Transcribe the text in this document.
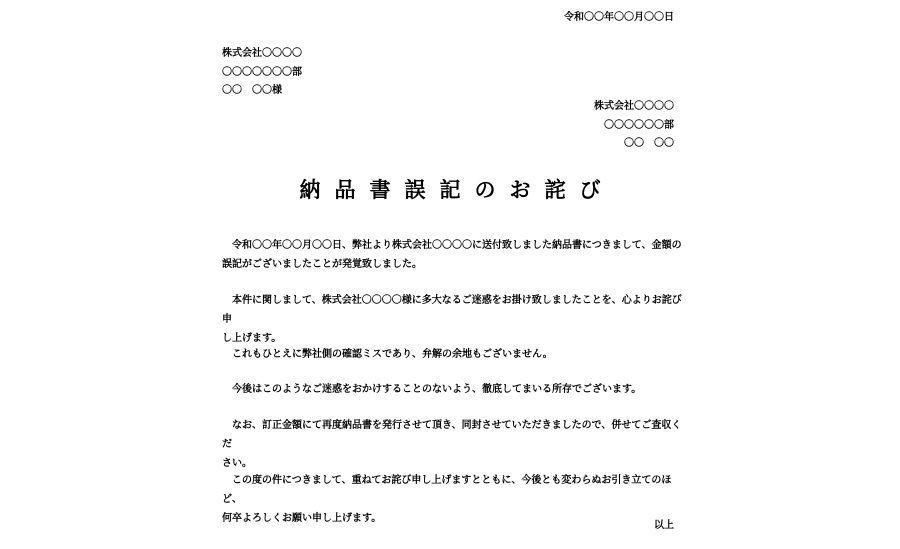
令和〇〇年〇〇月〇〇日
株式会社〇〇〇〇
〇〇〇〇〇〇〇部
〇〇　〇〇様
株式会社〇〇〇〇
〇〇〇〇〇〇部
〇〇　〇〇
納品書誤記のお詫び
　令和〇〇年〇〇月〇〇日、弊社より株式会社〇〇〇〇に送付致しました納品書につきまして、金額の
誤記がございましたことが発覚致しました。
　本件に関しまして、株式会社〇〇〇〇様に多大なるご迷惑をお掛け致しましたことを、心よりお詫び申
し上げます。
　これもひとえに弊社側の確認ミスであり、弁解の余地もございません。
　今後はこのようなご迷惑をおかけすることのないよう、徹底してまいる所存でございます。
　なお、訂正金額にて再度納品書を発行させて頂き、同封させていただきましたので、併せてご査収くだ
さい。
　この度の件につきまして、重ねてお詫び申し上げますとともに、今後とも変わらぬお引き立てのほど、
何卒よろしくお願い申し上げます。
以上
